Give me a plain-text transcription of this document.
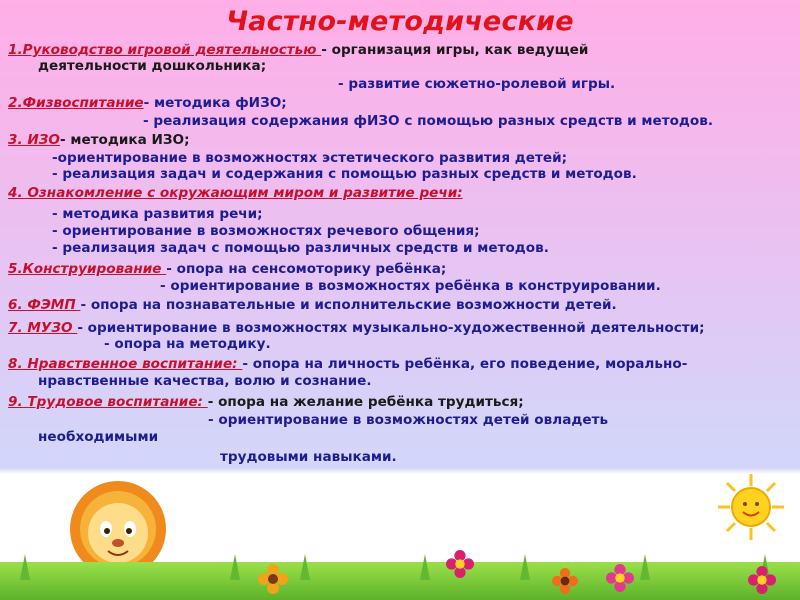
Частно-методические
1.Руководство игровой деятельностью - организация игры, как ведущей
деятельности дошкольника;
- развитие сюжетно-ролевой игры.
2.Физвоспитание- методика фИЗО;
- реализация содержания фИЗО с помощью разных средств и методов.
3. ИЗО- методика ИЗО;
-ориентирование в возможностях эстетического развития детей;
- реализация задач и содержания с помощью разных средств и методов.
4. Ознакомление с окружающим миром и развитие речи:
- методика развития речи;
- ориентирование в возможностях речевого общения;
- реализация задач с помощью различных средств и методов.
5.Конструирование - опора на сенсомоторику ребёнка;
- ориентирование в возможностях ребёнка в конструировании.
6. ФЭМП - опора на познавательные и исполнительские возможности детей.
7. МУЗО - ориентирование в возможностях музыкально-художественной деятельности;
- опора на методику.
8. Нравственное воспитание: - опора на личность ребёнка, его поведение, морально-
нравственные качества, волю и сознание.
9. Трудовое воспитание: - опора на желание ребёнка трудиться;
- ориентирование в возможностях детей овладеть
необходимыми
трудовыми навыками.
